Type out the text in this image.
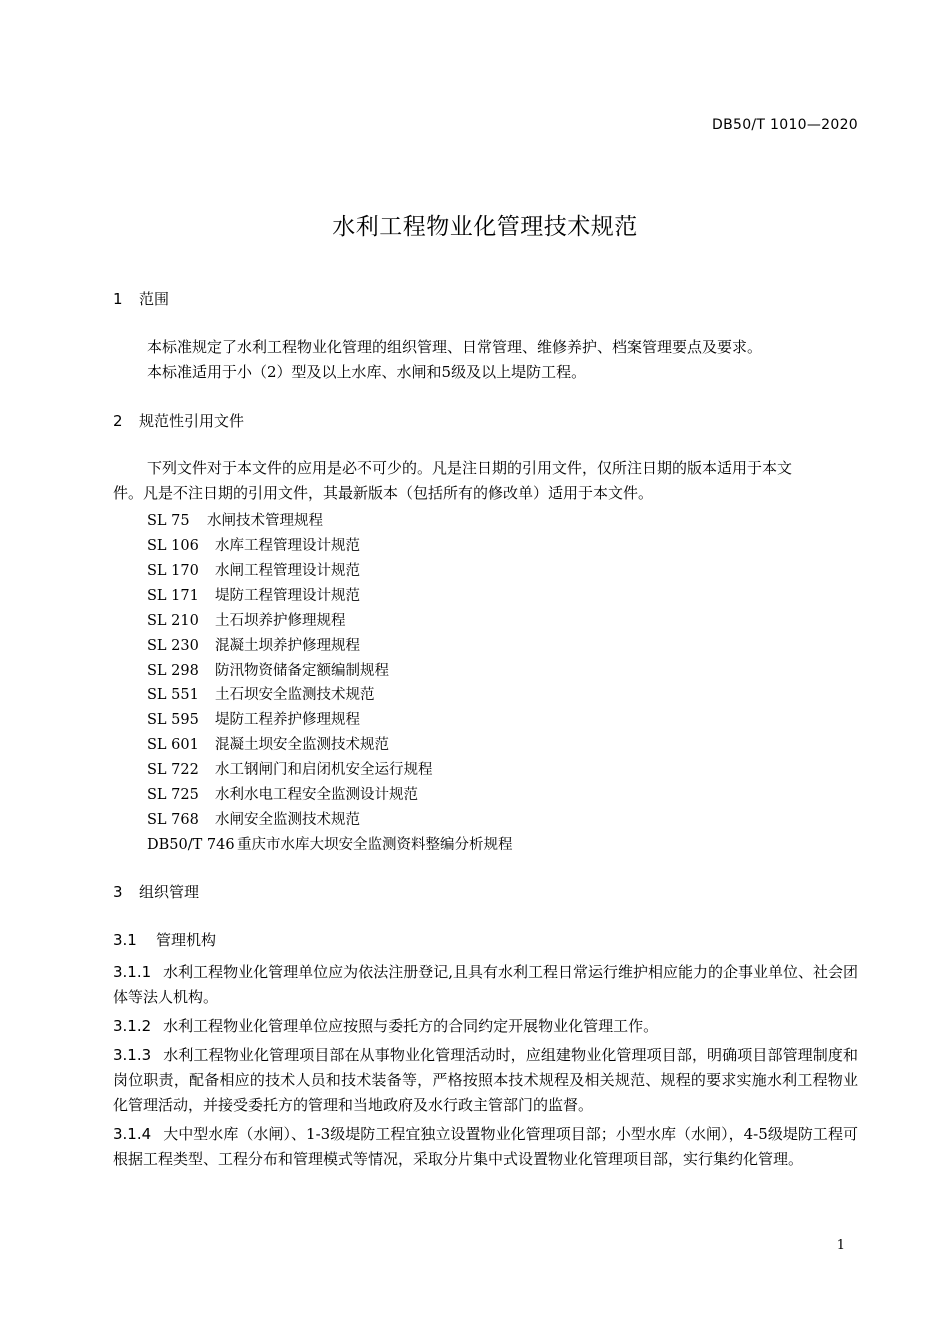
DB50/T 1010—2020
水利工程物业化管理技术规范
1 范围
本标准规定了水利工程物业化管理的组织管理、日常管理、维修养护、档案管理要点及要求。
本标准适用于小（2）型及以上水库、水闸和5级及以上堤防工程。
2 规范性引用文件
下列文件对于本文件的应用是必不可少的。凡是注日期的引用文件，仅所注日期的版本适用于本文
件。凡是不注日期的引用文件，其最新版本（包括所有的修改单）适用于本文件。
SL 75 水闸技术管理规程
SL 106 水库工程管理设计规范
SL 170 水闸工程管理设计规范
SL 171 堤防工程管理设计规范
SL 210 土石坝养护修理规程
SL 230 混凝土坝养护修理规程
SL 298 防汛物资储备定额编制规程
SL 551 土石坝安全监测技术规范
SL 595 堤防工程养护修理规程
SL 601 混凝土坝安全监测技术规范
SL 722 水工钢闸门和启闭机安全运行规程
SL 725 水利水电工程安全监测设计规范
SL 768 水闸安全监测技术规范
DB50/T 746 重庆市水库大坝安全监测资料整编分析规程
3 组织管理
3.1 管理机构
3.1.1 水利工程物业化管理单位应为依法注册登记,且具有水利工程日常运行维护相应能力的企事业单位、社会团体等法人机构。
3.1.2 水利工程物业化管理单位应按照与委托方的合同约定开展物业化管理工作。
3.1.3 水利工程物业化管理项目部在从事物业化管理活动时，应组建物业化管理项目部，明确项目部管理制度和岗位职责，配备相应的技术人员和技术装备等，严格按照本技术规程及相关规范、规程的要求实施水利工程物业化管理活动，并接受委托方的管理和当地政府及水行政主管部门的监督。
3.1.4 大中型水库（水闸）、1-3级堤防工程宜独立设置物业化管理项目部；小型水库（水闸），4-5级堤防工程可根据工程类型、工程分布和管理模式等情况，采取分片集中式设置物业化管理项目部，实行集约化管理。
1
